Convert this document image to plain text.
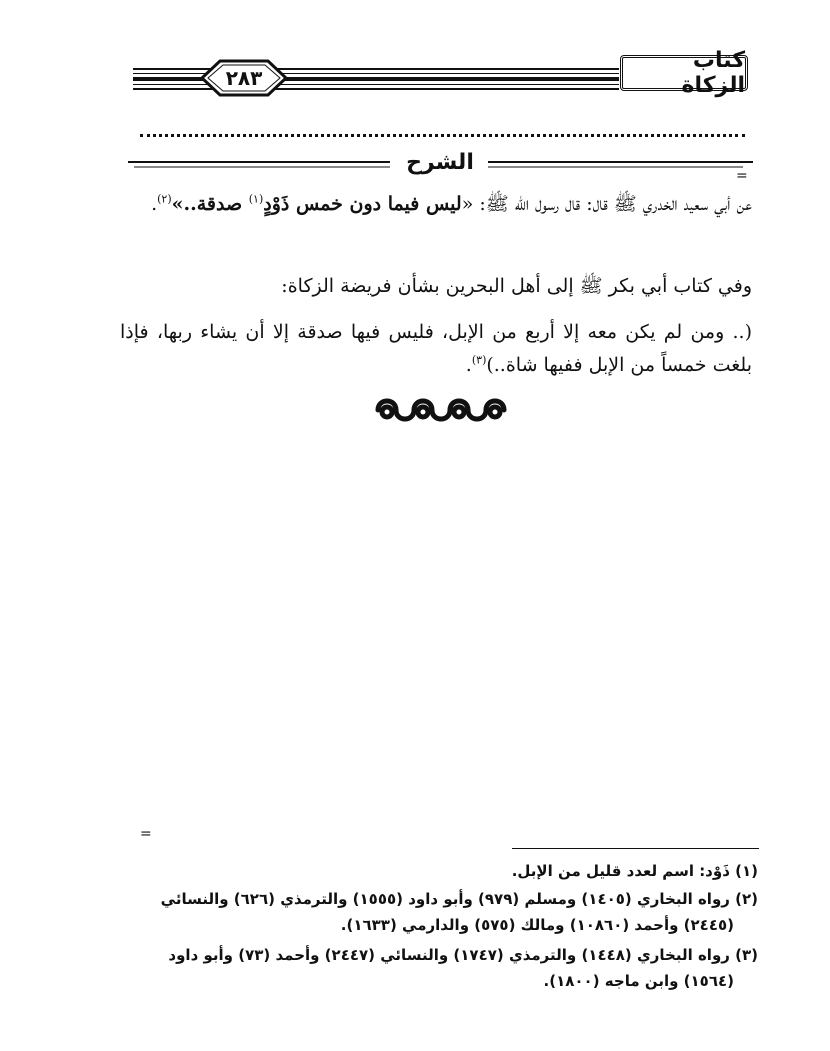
٢٨٣
كتاب الزكاة
الشرح
=
عن أبي سعيد الخدري ﷺ قال: قال رسول الله ﷺ: «ليس فيما دون خمس ذَوْدٍ$^{(١)}$ صدقة..»$^{(٢)}$.
وفي كتاب أبي بكر ﷺ إلى أهل البحرين بشأن فريضة الزكاة:
(.. ومن لم يكن معه إلا أربع من الإبل، فليس فيها صدقة إلا أن يشاء ربها، فإذا بلغت خمساً من الإبل ففيها شاة..)$^{(٣)}$.
=
(١) ذَوْد: اسم لعدد قليل من الإبل.
(٢) رواه البخاري (١٤٠٥) ومسلم (٩٧٩) وأبو داود (١٥٥٥) والترمذي (٦٢٦) والنسائي
(٢٤٤٥) وأحمد (١٠٨٦٠) ومالك (٥٧٥) والدارمي (١٦٣٣).
(٣) رواه البخاري (١٤٤٨) والترمذي (١٧٤٧) والنسائي (٢٤٤٧) وأحمد (٧٣) وأبو داود
(١٥٦٤) وابن ماجه (١٨٠٠).
